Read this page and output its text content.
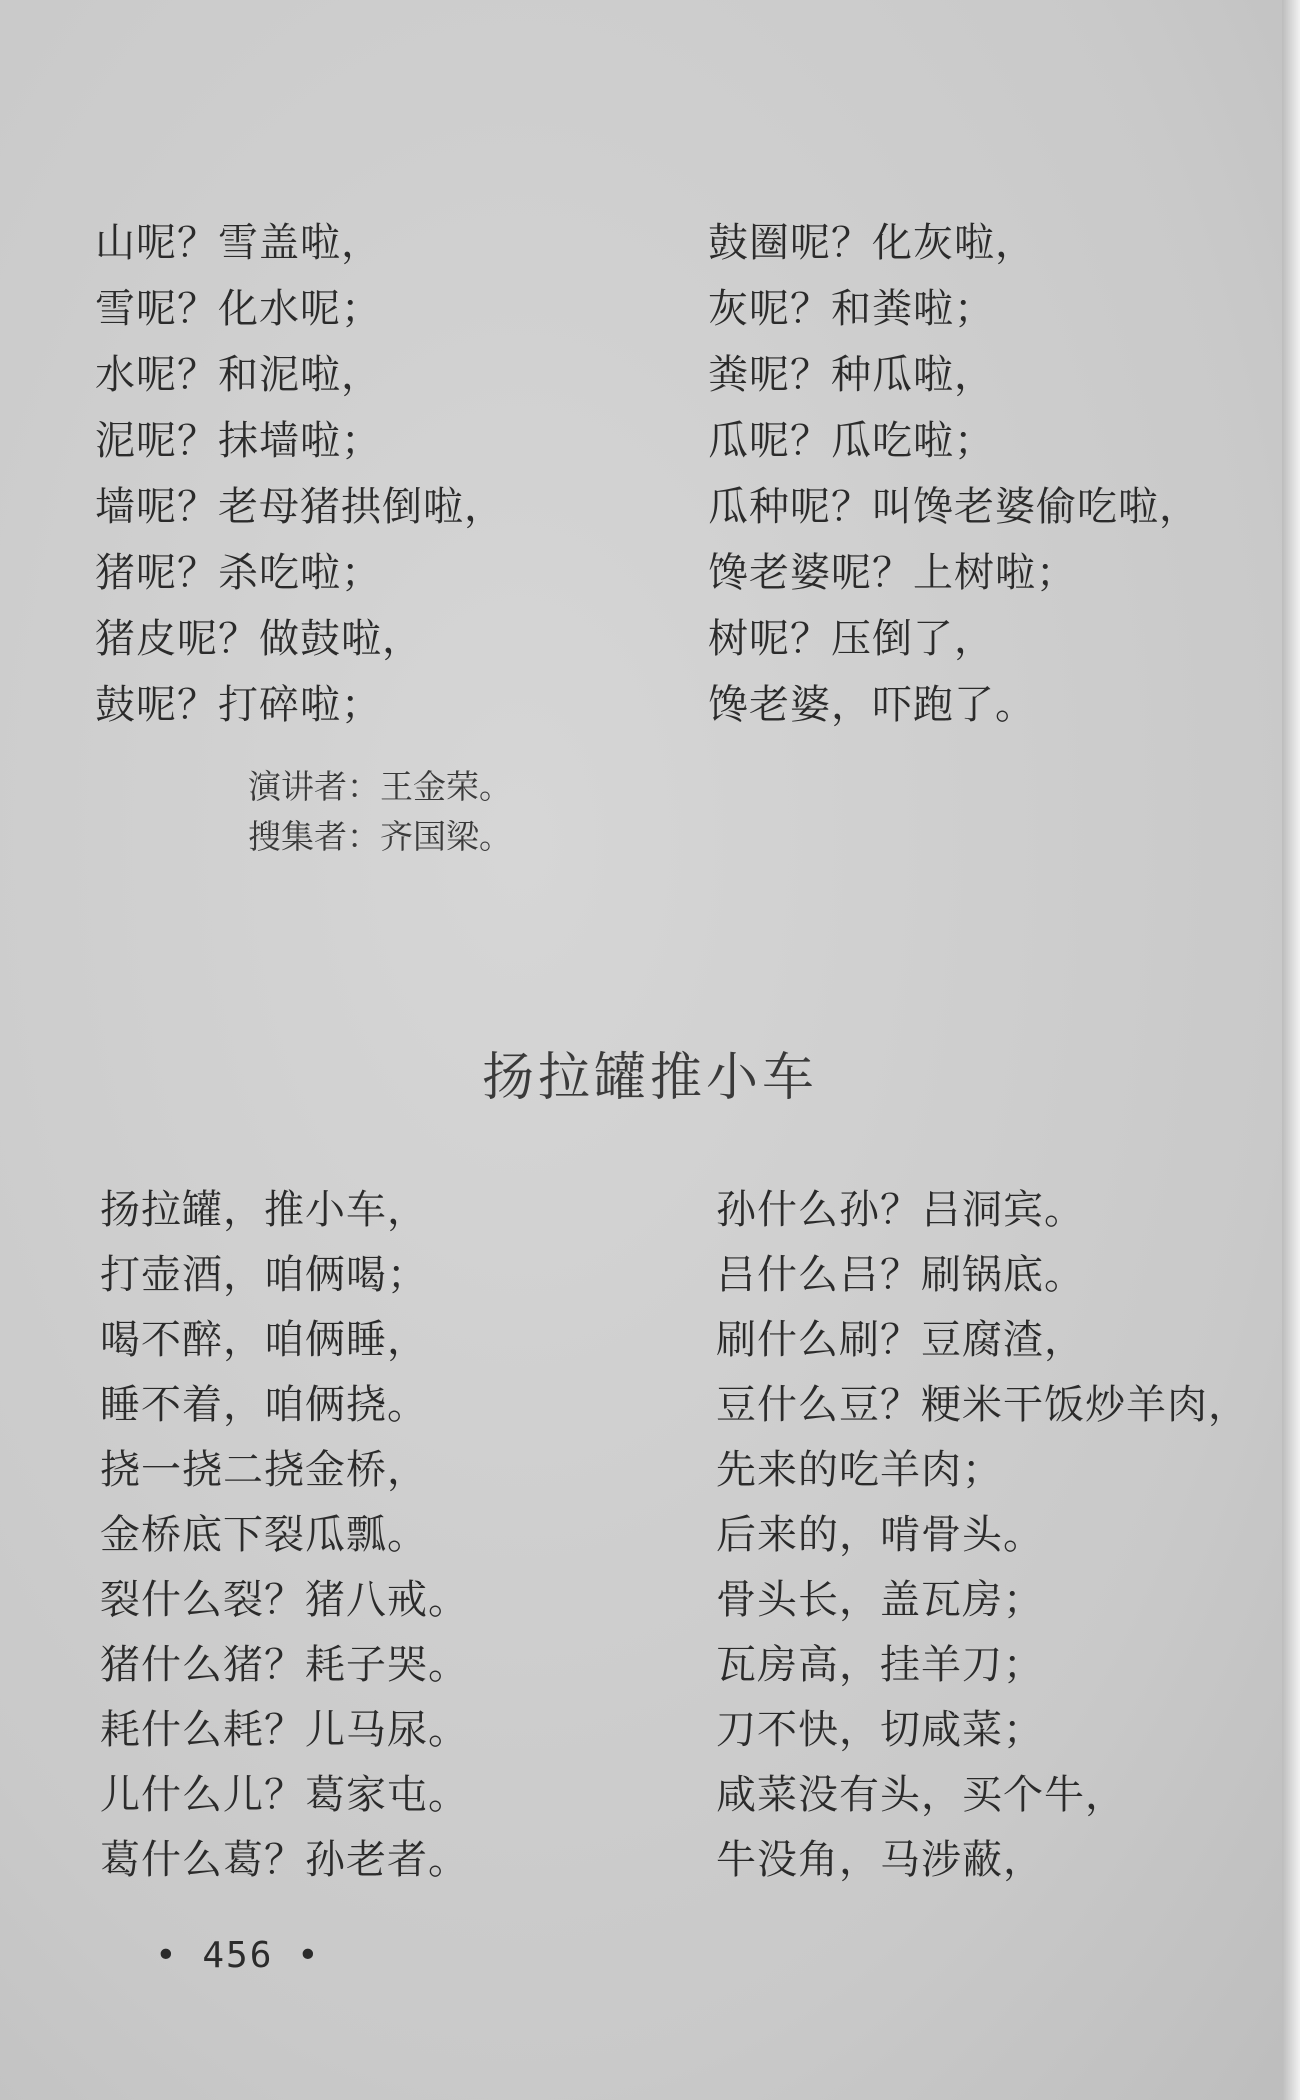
山呢？雪盖啦，
雪呢？化水呢；
水呢？和泥啦，
泥呢？抹墙啦；
墙呢？老母猪拱倒啦，
猪呢？杀吃啦；
猪皮呢？做鼓啦，
鼓呢？打碎啦；
鼓圈呢？化灰啦，
灰呢？和粪啦；
粪呢？种瓜啦，
瓜呢？瓜吃啦；
瓜种呢？叫馋老婆偷吃啦，
馋老婆呢？上树啦；
树呢？压倒了，
馋老婆，吓跑了。
演讲者：王金荣。
搜集者：齐国梁。
扬拉罐推小车
扬拉罐，推小车，
打壶酒，咱俩喝；
喝不醉，咱俩睡，
睡不着，咱俩挠。
挠一挠二挠金桥，
金桥底下裂瓜瓢。
裂什么裂？猪八戒。
猪什么猪？耗子哭。
耗什么耗？儿马尿。
儿什么儿？葛家屯。
葛什么葛？孙老者。
孙什么孙？吕洞宾。
吕什么吕？刷锅底。
刷什么刷？豆腐渣，
豆什么豆？粳米干饭炒羊肉，
先来的吃羊肉；
后来的，啃骨头。
骨头长，盖瓦房；
瓦房高，挂羊刀；
刀不快，切咸菜；
咸菜没有头，买个牛，
牛没角，马涉蔽，
• 456 •
